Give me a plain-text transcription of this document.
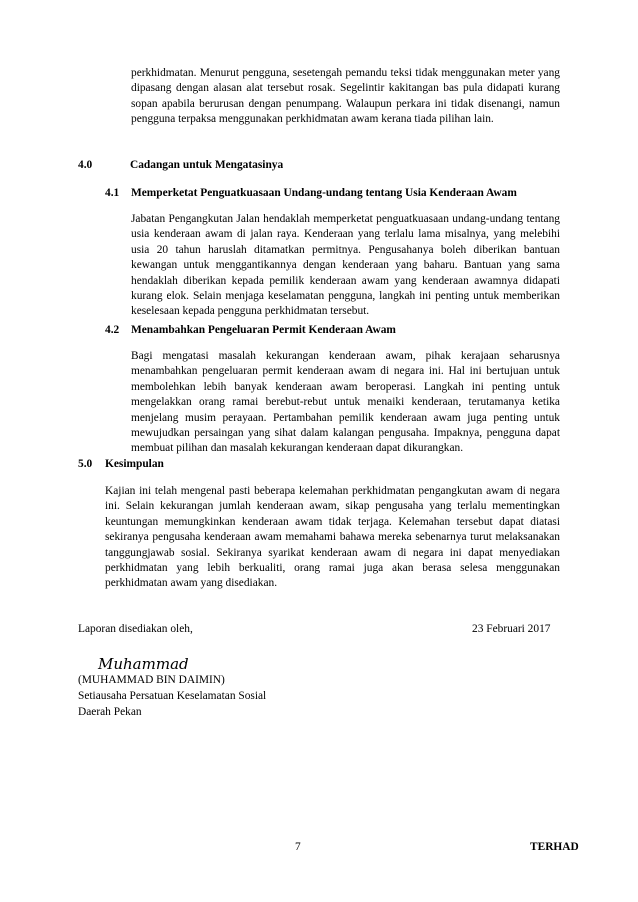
perkhidmatan. Menurut pengguna, sesetengah pemandu teksi tidak menggunakan meter yang dipasang dengan alasan alat tersebut rosak. Segelintir kakitangan bas pula didapati kurang sopan apabila berurusan dengan penumpang. Walaupun perkara ini tidak disenangi, namun pengguna terpaksa menggunakan perkhidmatan awam kerana tiada pilihan lain.

4.0	Cadangan untuk Mengatasinya
4.1 Memperketat Penguatkuasaan Undang-undang tentang Usia Kenderaan Awam

Jabatan Pengangkutan Jalan hendaklah memperketat penguatkuasaan undang-undang tentang usia kenderaan awam di jalan raya. Kenderaan yang terlalu lama misalnya, yang melebihi usia 20 tahun haruslah ditamatkan permitnya. Pengusahanya boleh diberikan bantuan kewangan untuk menggantikannya dengan kenderaan yang baharu. Bantuan yang sama hendaklah diberikan kepada pemilik kenderaan awam yang kenderaan awamnya didapati kurang elok. Selain menjaga keselamatan pengguna, langkah ini penting untuk memberikan keselesaan kepada pengguna perkhidmatan tersebut.

4.2 Menambahkan Pengeluaran Permit Kenderaan Awam

Bagi mengatasi masalah kekurangan kenderaan awam, pihak kerajaan seharusnya menambahkan pengeluaran permit kenderaan awam di negara ini. Hal ini bertujuan untuk membolehkan lebih banyak kenderaan awam beroperasi. Langkah ini penting untuk mengelakkan orang ramai berebut-rebut untuk menaiki kenderaan, terutamanya ketika menjelang musim perayaan. Pertambahan pemilik kenderaan awam juga penting untuk mewujudkan persaingan yang sihat dalam kalangan pengusaha. Impaknya, pengguna dapat membuat pilihan dan masalah kekurangan kenderaan dapat dikurangkan.

5.0 Kesimpulan

Kajian ini telah mengenal pasti beberapa kelemahan perkhidmatan pengangkutan awam di negara ini. Selain kekurangan jumlah kenderaan awam, sikap pengusaha yang terlalu mementingkan keuntungan memungkinkan kenderaan awam tidak terjaga. Kelemahan tersebut dapat diatasi sekiranya pengusaha kenderaan awam memahami bahawa mereka sebenarnya turut melaksanakan tanggungjawab sosial. Sekiranya syarikat kenderaan awam di negara ini dapat menyediakan perkhidmatan yang lebih berkualiti, orang ramai juga akan berasa selesa menggunakan perkhidmatan awam yang disediakan.

Laporan disediakan oleh,	23 Februari 2017
Muhammad
(MUHAMMAD BIN DAIMIN)
Setiausaha Persatuan Keselamatan Sosial
Daerah Pekan
7	TERHAD
